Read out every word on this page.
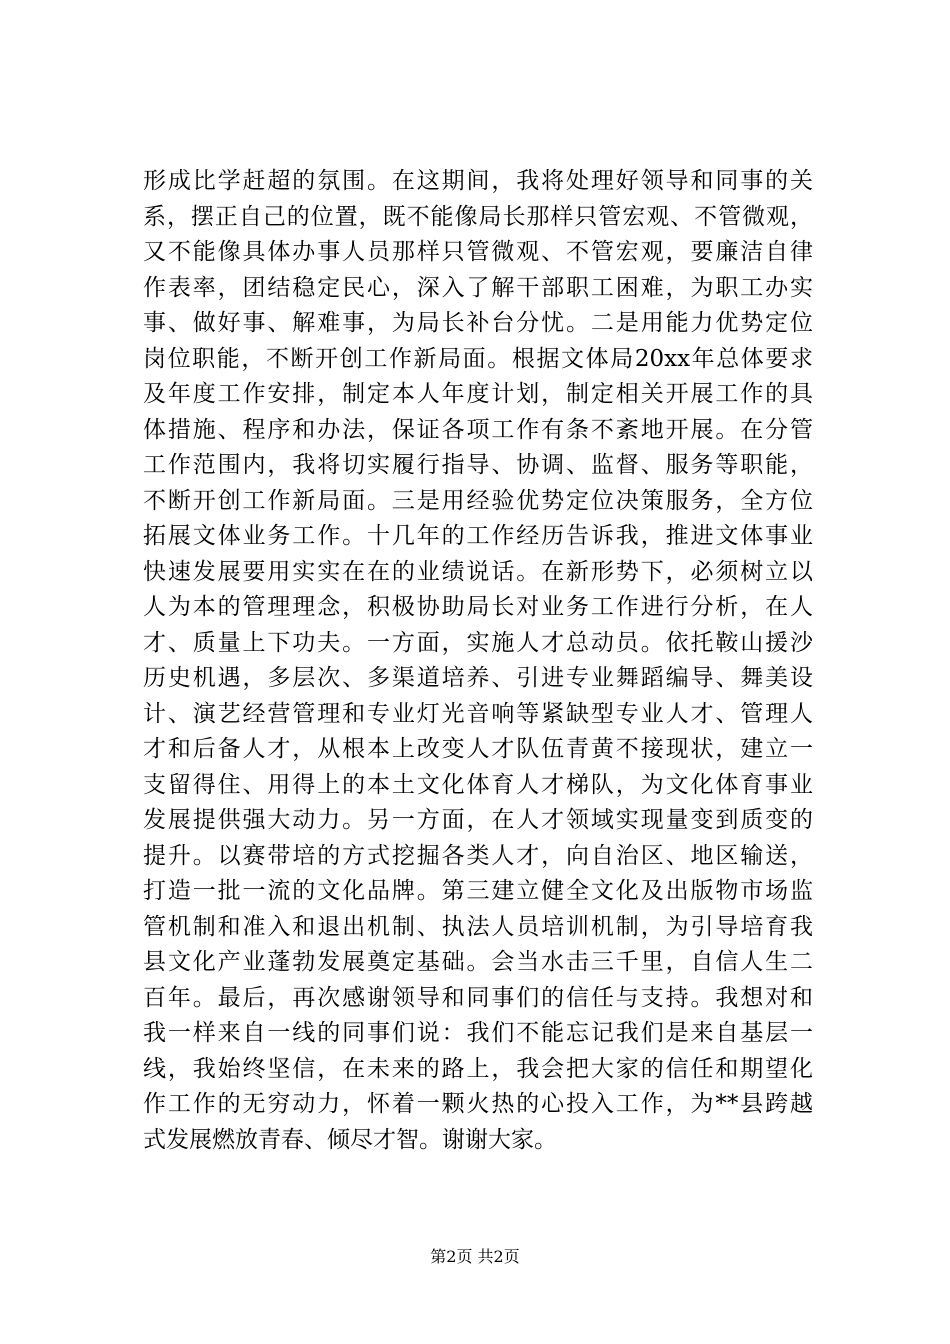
形成比学赶超的氛围。在这期间，我将处理好领导和同事的关
系，摆正自己的位置，既不能像局长那样只管宏观、不管微观，
又不能像具体办事人员那样只管微观、不管宏观，要廉洁自律
作表率，团结稳定民心，深入了解干部职工困难，为职工办实
事、做好事、解难事，为局长补台分忧。二是用能力优势定位
岗位职能，不断开创工作新局面。根据文体局20xx年总体要求
及年度工作安排，制定本人年度计划，制定相关开展工作的具
体措施、程序和办法，保证各项工作有条不紊地开展。在分管
工作范围内，我将切实履行指导、协调、监督、服务等职能，
不断开创工作新局面。三是用经验优势定位决策服务，全方位
拓展文体业务工作。十几年的工作经历告诉我，推进文体事业
快速发展要用实实在在的业绩说话。在新形势下，必须树立以
人为本的管理理念，积极协助局长对业务工作进行分析，在人
才、质量上下功夫。一方面，实施人才总动员。依托鞍山援沙
历史机遇，多层次、多渠道培养、引进专业舞蹈编导、舞美设
计、演艺经营管理和专业灯光音响等紧缺型专业人才、管理人
才和后备人才，从根本上改变人才队伍青黄不接现状，建立一
支留得住、用得上的本土文化体育人才梯队，为文化体育事业
发展提供强大动力。另一方面，在人才领域实现量变到质变的
提升。以赛带培的方式挖掘各类人才，向自治区、地区输送，
打造一批一流的文化品牌。第三建立健全文化及出版物市场监
管机制和准入和退出机制、执法人员培训机制，为引导培育我
县文化产业蓬勃发展奠定基础。会当水击三千里，自信人生二
百年。最后，再次感谢领导和同事们的信任与支持。我想对和
我一样来自一线的同事们说：我们不能忘记我们是来自基层一
线，我始终坚信，在未来的路上，我会把大家的信任和期望化
作工作的无穷动力，怀着一颗火热的心投入工作，为**县跨越
式发展燃放青春、倾尽才智。谢谢大家。
第2页 共2页
